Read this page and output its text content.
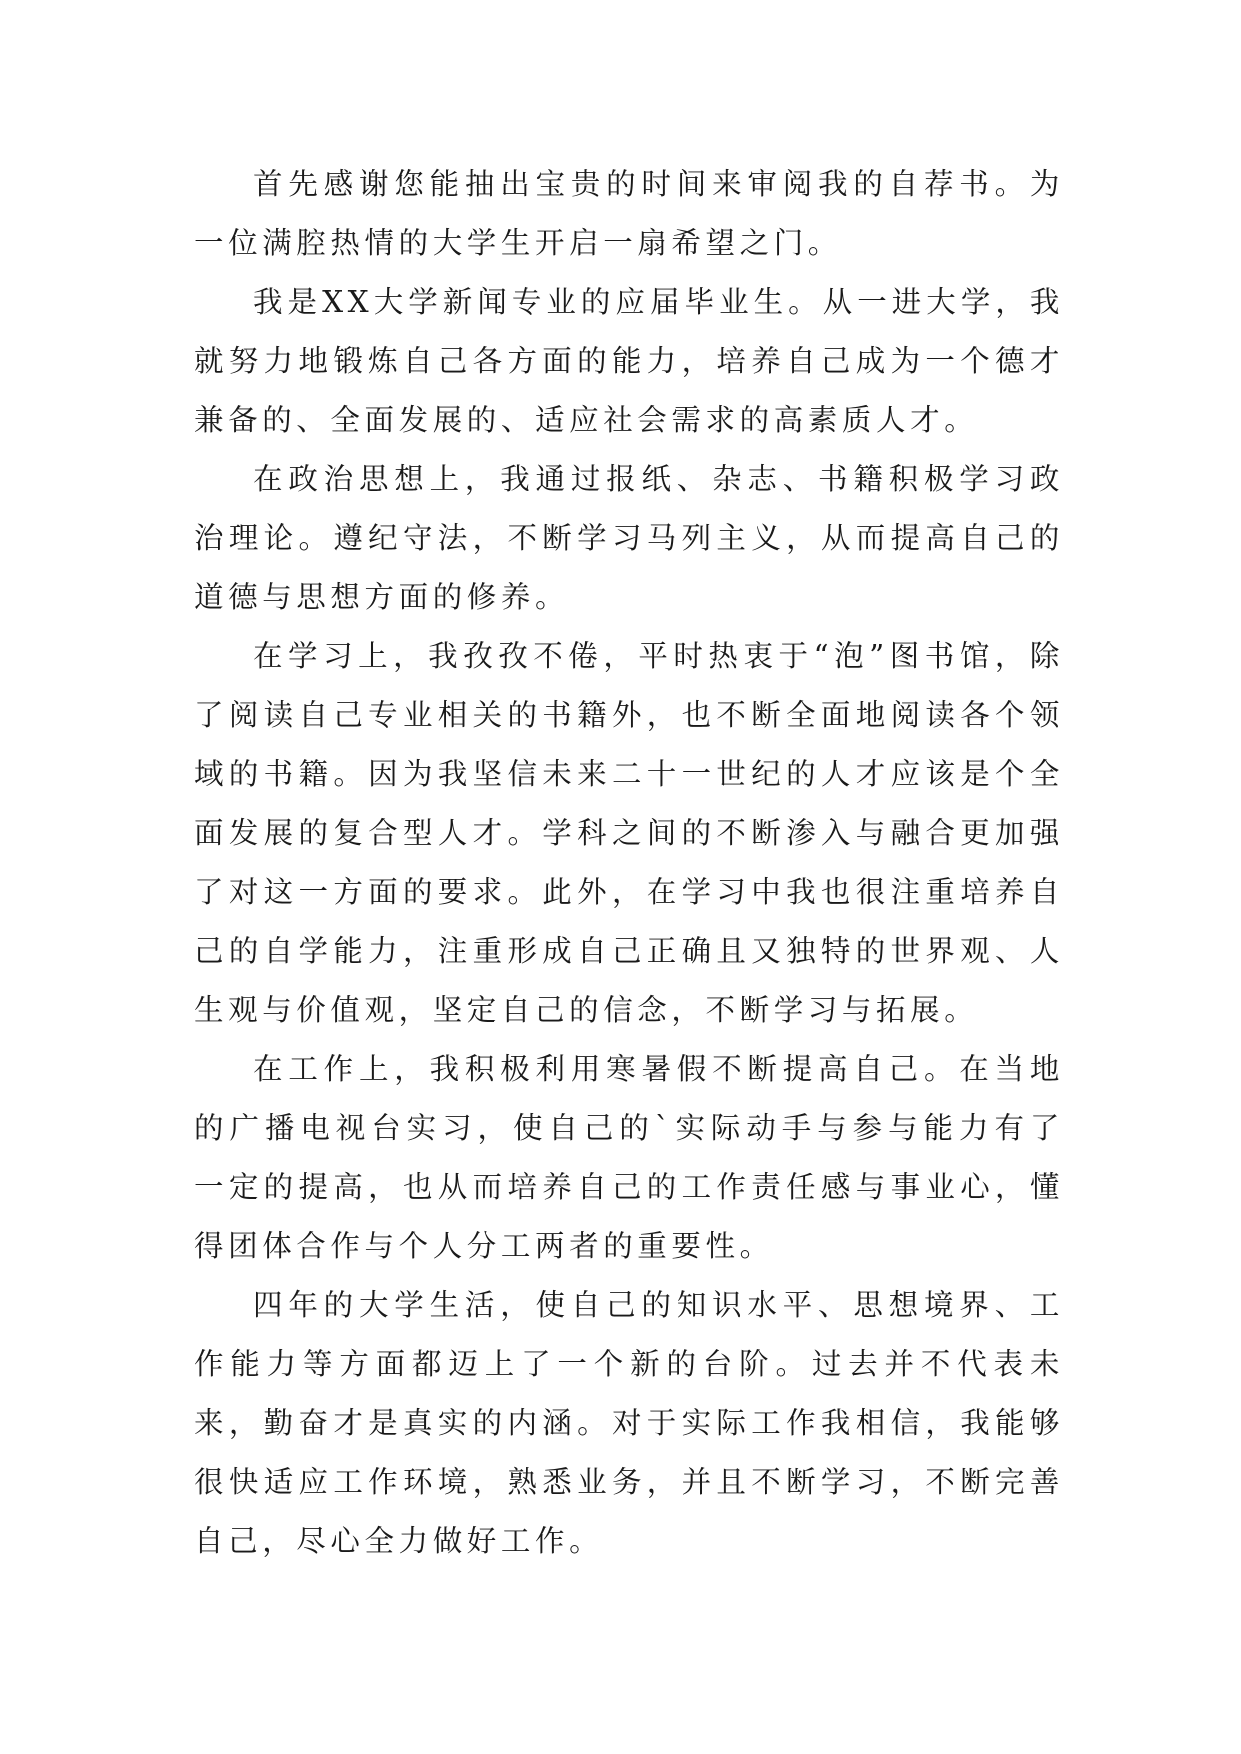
首先感谢您能抽出宝贵的时间来审阅我的自荐书。为一位满腔热情的大学生开启一扇希望之门。

我是XX大学新闻专业的应届毕业生。从一进大学，我就努力地锻炼自己各方面的能力，培养自己成为一个德才兼备的、全面发展的、适应社会需求的高素质人才。

在政治思想上，我通过报纸、杂志、书籍积极学习政治理论。遵纪守法，不断学习马列主义，从而提高自己的道德与思想方面的修养。

在学习上，我孜孜不倦，平时热衷于“泡”图书馆，除了阅读自己专业相关的书籍外，也不断全面地阅读各个领域的书籍。因为我坚信未来二十一世纪的人才应该是个全面发展的复合型人才。学科之间的不断渗入与融合更加强了对这一方面的要求。此外，在学习中我也很注重培养自己的自学能力，注重形成自己正确且又独特的世界观、人生观与价值观，坚定自己的信念，不断学习与拓展。

在工作上，我积极利用寒暑假不断提高自己。在当地的广播电视台实习，使自己的`实际动手与参与能力有了一定的提高，也从而培养自己的工作责任感与事业心，懂得团体合作与个人分工两者的重要性。

四年的大学生活，使自己的知识水平、思想境界、工作能力等方面都迈上了一个新的台阶。过去并不代表未来，勤奋才是真实的内涵。对于实际工作我相信，我能够很快适应工作环境，熟悉业务，并且不断学习，不断完善自己，尽心全力做好工作。
